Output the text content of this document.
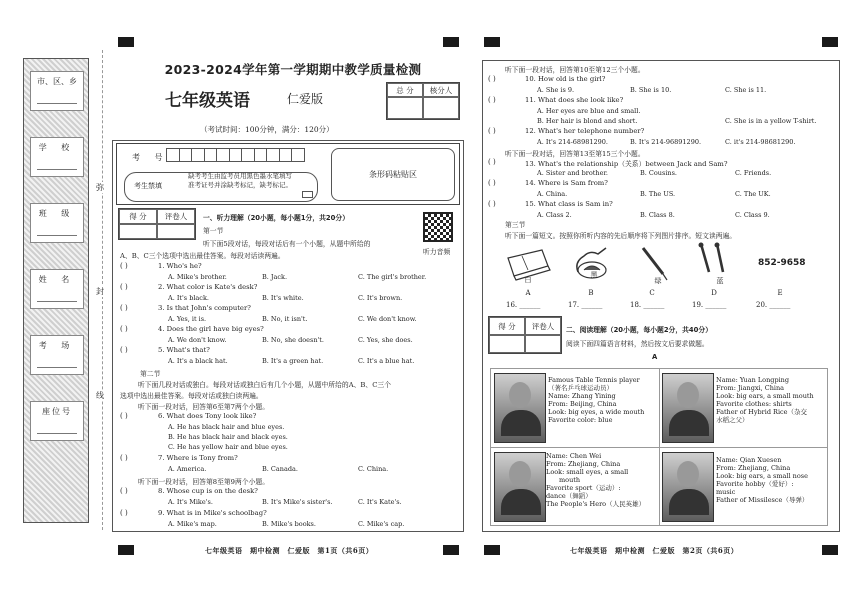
市、区、乡
学 校
班 级
姓 名
考 场
座位号
弥
封
线
2023-2024学年第一学期期中教学质量检测
七年级英语	仁爱版
总 分	核分人
（考试时间：100分钟，满分：120分）
考 号
考生禁填
缺考考生由监考员用黑色墨水笔填写准考证号并涂缺考标记，缺考标记。
条形码粘贴区
得 分	评卷人	一、听力理解（20小题，每小题1分，共20分）
听力音频
第一节
听下面5段对话，每段对话后有一个小题，从题中所给的
A、B、C三个选项中选出最佳答案。每段对话读两遍。
( )	1. Who's he?
A. Mike's brother.	B. Jack.	C. The girl's brother.
( )	2. What color is Kate's desk?
A. It's black.	B. It's white.	C. It's brown.
( )	3. Is that John's computer?
A. Yes, it is.	B. No, it isn't.	C. We don't know.
( )	4. Does the girl have big eyes?
A. We don't know.	B. No, she doesn't.	C. Yes, she does.
( )	5. What's that?
A. It's a black hat.	B. It's a green hat.	C. It's a blue hat.
第二节
听下面几段对话或独白。每段对话或独白后有几个小题，从题中所给的A、B、C三个
选项中选出最佳答案。每段对话或独白读两遍。
听下面一段对话，回答第6至第7两个小题。
( )	6. What does Tony look like?
A. He has black hair and blue eyes.
B. He has black hair and black eyes.
C. He has yellow hair and blue eyes.
( )	7. Where is Tony from?
A. America.	B. Canada.	C. China.
听下面一段对话，回答第8至第9两个小题。
( )	8. Whose cup is on the desk?
A. It's Mike's.	B. It's Mike's sister's.	C. It's Kate's.
( )	9. What is in Mike's schoolbag?
A. Mike's map.	B. Mike's books.	C. Mike's cap.
七年级英语　期中检测　仁爱版　第1页（共6页）
听下面一段对话，回答第10至第12三个小题。
( )	10. How old is the girl?
A. She is 9.	B. She is 10.	C. She is 11.
( )	11. What does she look like?
A. Her eyes are blue and small.
B. Her hair is blond and short.	C. She is in a yellow T-shirt.
( )	12. What's her telephone number?
A. It's 214-68981290.	B. It's 214-96891290.	C. it's 214-98681290.
听下面一段对话，回答第13至第15三个小题。
( )	13. What's the relationship（关系）between Jack and Sam?
A. Sister and brother.	B. Cousins.	C. Friends.
( )	14. Where is Sam from?
A. China.	B. The US.	C. The UK.
( )	15. What class is Sam in?
A. Class 2.	B. Class 8.	C. Class 9.
第三节
听下面一篇短文。按照你所听内容的先后顺序将下列图片排序。短文读两遍。
白
黑
绿	蓝
852-9658
A	B	C	D	E
16. ______	17. ______	18. ______	19. ______	20. ______
得 分	评卷人	二、阅读理解（20小题，每小题2分，共40分）
阅读下面四篇语言材料，然后按文后要求做题。
A
Famous Table Tennis player
（著名乒乓球运动员）
Name: Zhang Yining
From: Beijing, China
Look: big eyes, a wide mouth
Favorite color: blue
Name: Yuan Longping
From: Jiangxi, China
Look: big ears, a small mouth
Favorite clothes: shirts
Father of Hybrid Rice（杂交
水稻之父）
Name: Chen Wei
From: Zhejiang, China
Look: small eyes, a small
　　mouth
Favorite sport（运动）:
dance（舞蹈）
The People's Hero（人民英雄）
Name: Qian Xuesen
From: Zhejiang, China
Look: big ears, a small nose
Favorite hobby（爱好）:
music
Father of Missilesce（导弹）
七年级英语　期中检测　仁爱版　第2页（共6页）
